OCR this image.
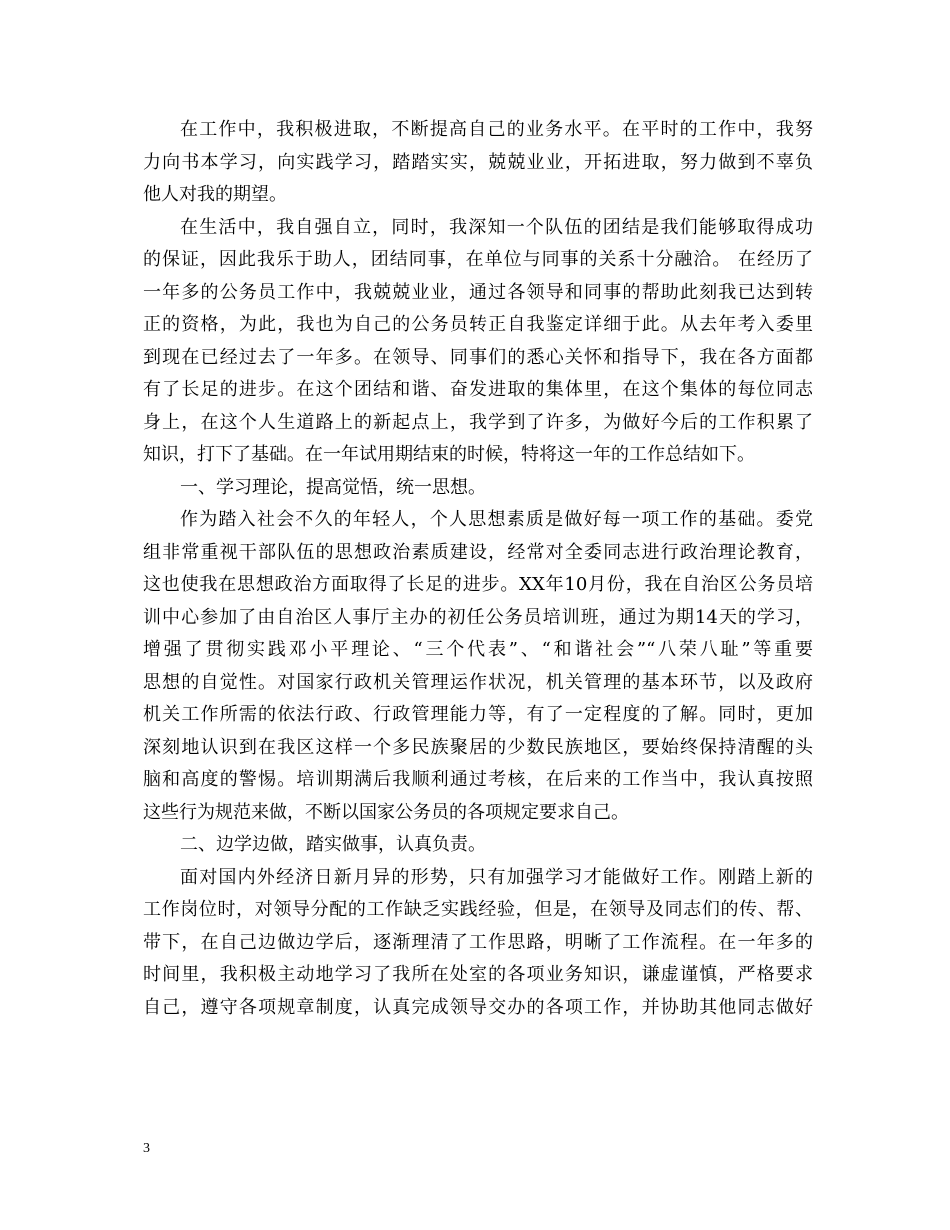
在工作中，我积极进取，不断提高自己的业务水平。在平时的工作中，我努
力向书本学习，向实践学习，踏踏实实，兢兢业业，开拓进取，努力做到不辜负
他人对我的期望。
在生活中，我自强自立，同时，我深知一个队伍的团结是我们能够取得成功
的保证，因此我乐于助人，团结同事，在单位与同事的关系十分融洽。 在经历了
一年多的公务员工作中，我兢兢业业，通过各领导和同事的帮助此刻我已达到转
正的资格，为此，我也为自己的公务员转正自我鉴定详细于此。从去年考入委里
到现在已经过去了一年多。在领导、同事们的悉心关怀和指导下，我在各方面都
有了长足的进步。在这个团结和谐、奋发进取的集体里，在这个集体的每位同志
身上，在这个人生道路上的新起点上，我学到了许多，为做好今后的工作积累了
知识，打下了基础。在一年试用期结束的时候，特将这一年的工作总结如下。
一、学习理论，提高觉悟，统一思想。
作为踏入社会不久的年轻人，个人思想素质是做好每一项工作的基础。委党
组非常重视干部队伍的思想政治素质建设，经常对全委同志进行政治理论教育，
这也使我在思想政治方面取得了长足的进步。XX年10月份，我在自治区公务员培
训中心参加了由自治区人事厅主办的初任公务员培训班，通过为期14天的学习，
增强了贯彻实践邓小平理论、“三个代表”、“和谐社会”“八荣八耻”等重要
思想的自觉性。对国家行政机关管理运作状况，机关管理的基本环节，以及政府
机关工作所需的依法行政、行政管理能力等，有了一定程度的了解。同时，更加
深刻地认识到在我区这样一个多民族聚居的少数民族地区，要始终保持清醒的头
脑和高度的警惕。培训期满后我顺利通过考核，在后来的工作当中，我认真按照
这些行为规范来做，不断以国家公务员的各项规定要求自己。
二、边学边做，踏实做事，认真负责。
面对国内外经济日新月异的形势，只有加强学习才能做好工作。刚踏上新的
工作岗位时，对领导分配的工作缺乏实践经验，但是，在领导及同志们的传、帮、
带下，在自己边做边学后，逐渐理清了工作思路，明晰了工作流程。在一年多的
时间里，我积极主动地学习了我所在处室的各项业务知识，谦虚谨慎，严格要求
自己，遵守各项规章制度，认真完成领导交办的各项工作，并协助其他同志做好
3
